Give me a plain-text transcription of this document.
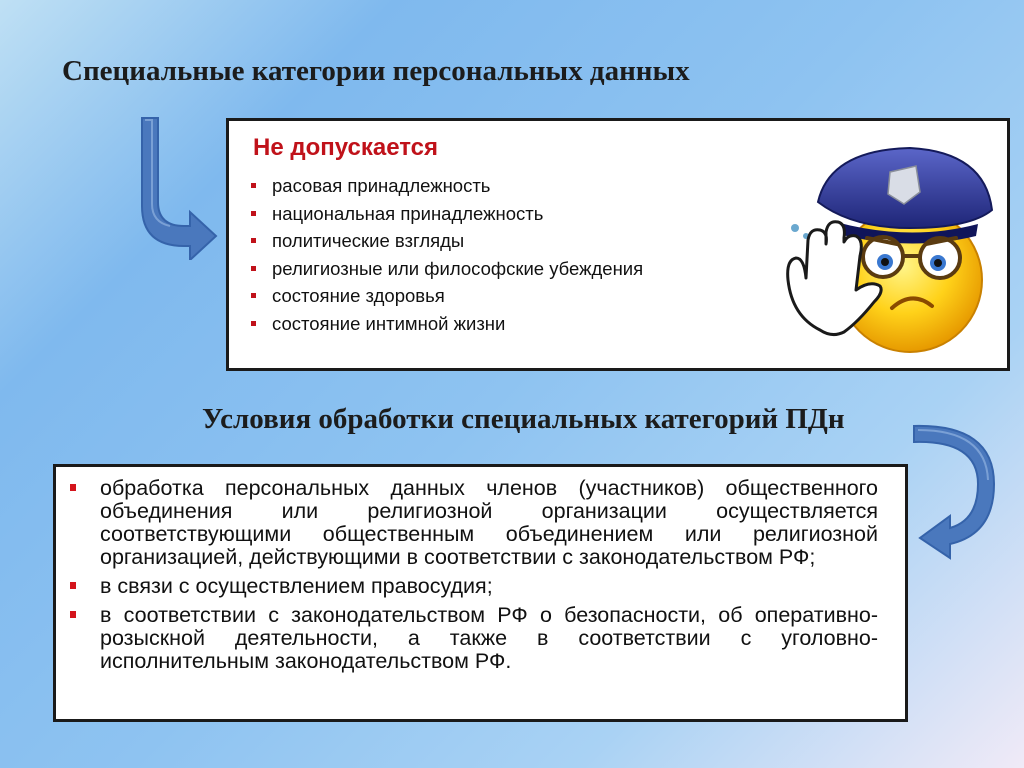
Специальные категории персональных данных
Не допускается
расовая принадлежность
национальная принадлежность
политические взгляды
религиозные или философские убеждения
состояние здоровья
состояние интимной жизни
Условия обработки специальных категорий ПДн
обработка персональных данных членов (участников) общественного объединения или религиозной организации осуществляется соответствующими общественным объединением или религиозной организацией, действующими в соответствии с законодательством РФ;
в связи с осуществлением правосудия;
в соответствии с законодательством РФ о безопасности, об оперативно-розыскной деятельности, а также в соответствии с уголовно-исполнительным законодательством РФ.
